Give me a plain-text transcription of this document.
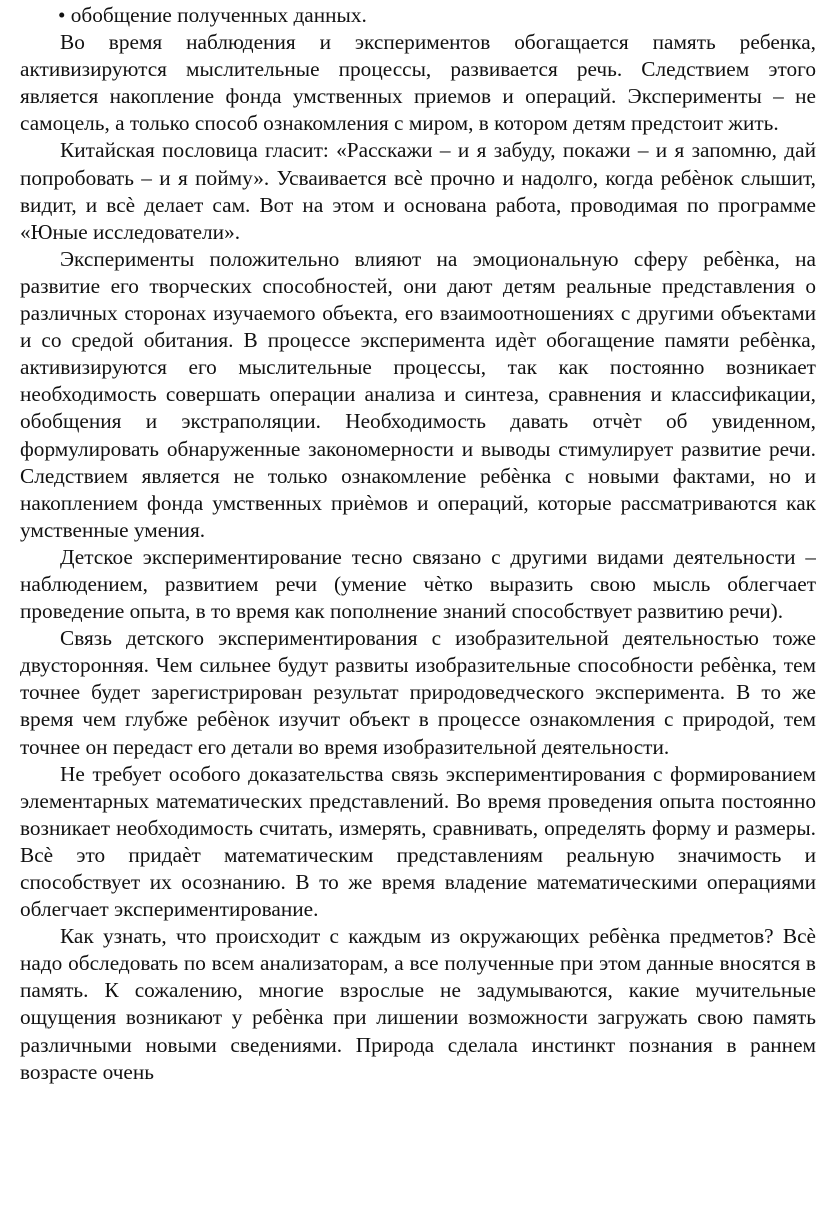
• обобщение полученных данных.

Во время наблюдения и экспериментов обогащается память ребенка, активизируются мыслительные процессы, развивается речь. Следствием этого является накопление фонда умственных приемов и операций. Эксперименты – не самоцель, а только способ ознакомления с миром, в котором детям предстоит жить.

Китайская пословица гласит: «Расскажи – и я забуду, покажи – и я запомню, дай попробовать – и я пойму». Усваивается всѐ прочно и надолго, когда ребѐнок слышит, видит, и всѐ делает сам. Вот на этом и основана работа, проводимая по программе «Юные исследователи».

Эксперименты положительно влияют на эмоциональную сферу ребѐнка, на развитие его творческих способностей, они дают детям реальные представления о различных сторонах изучаемого объекта, его взаимоотношениях с другими объектами и со средой обитания. В процессе эксперимента идѐт обогащение памяти ребѐнка, активизируются его мыслительные процессы, так как постоянно возникает необходимость совершать операции анализа и синтеза, сравнения и классификации, обобщения и экстраполяции. Необходимость давать отчѐт об увиденном, формулировать обнаруженные закономерности и выводы стимулирует развитие речи. Следствием является не только ознакомление ребѐнка с новыми фактами, но и накоплением фонда умственных приѐмов и операций, которые рассматриваются как умственные умения.

Детское экспериментирование тесно связано с другими видами деятельности – наблюдением, развитием речи (умение чѐтко выразить свою мысль облегчает проведение опыта, в то время как пополнение знаний способствует развитию речи).

Связь детского экспериментирования с изобразительной деятельностью тоже двусторонняя. Чем сильнее будут развиты изобразительные способности ребѐнка, тем точнее будет зарегистрирован результат природоведческого эксперимента. В то же время чем глубже ребѐнок изучит объект в процессе ознакомления с природой, тем точнее он передаст его детали во время изобразительной деятельности.

Не требует особого доказательства связь экспериментирования с формированием элементарных математических представлений. Во время проведения опыта постоянно возникает необходимость считать, измерять, сравнивать, определять форму и размеры. Всѐ это придаѐт математическим представлениям реальную значимость и способствует их осознанию. В то же время владение математическими операциями облегчает экспериментирование.

Как узнать, что происходит с каждым из окружающих ребѐнка предметов? Всѐ надо обследовать по всем анализаторам, а все полученные при этом данные вносятся в память. К сожалению, многие взрослые не задумываются, какие мучительные ощущения возникают у ребѐнка при лишении возможности загружать свою память различными новыми сведениями. Природа сделала инстинкт познания в раннем возрасте очень
